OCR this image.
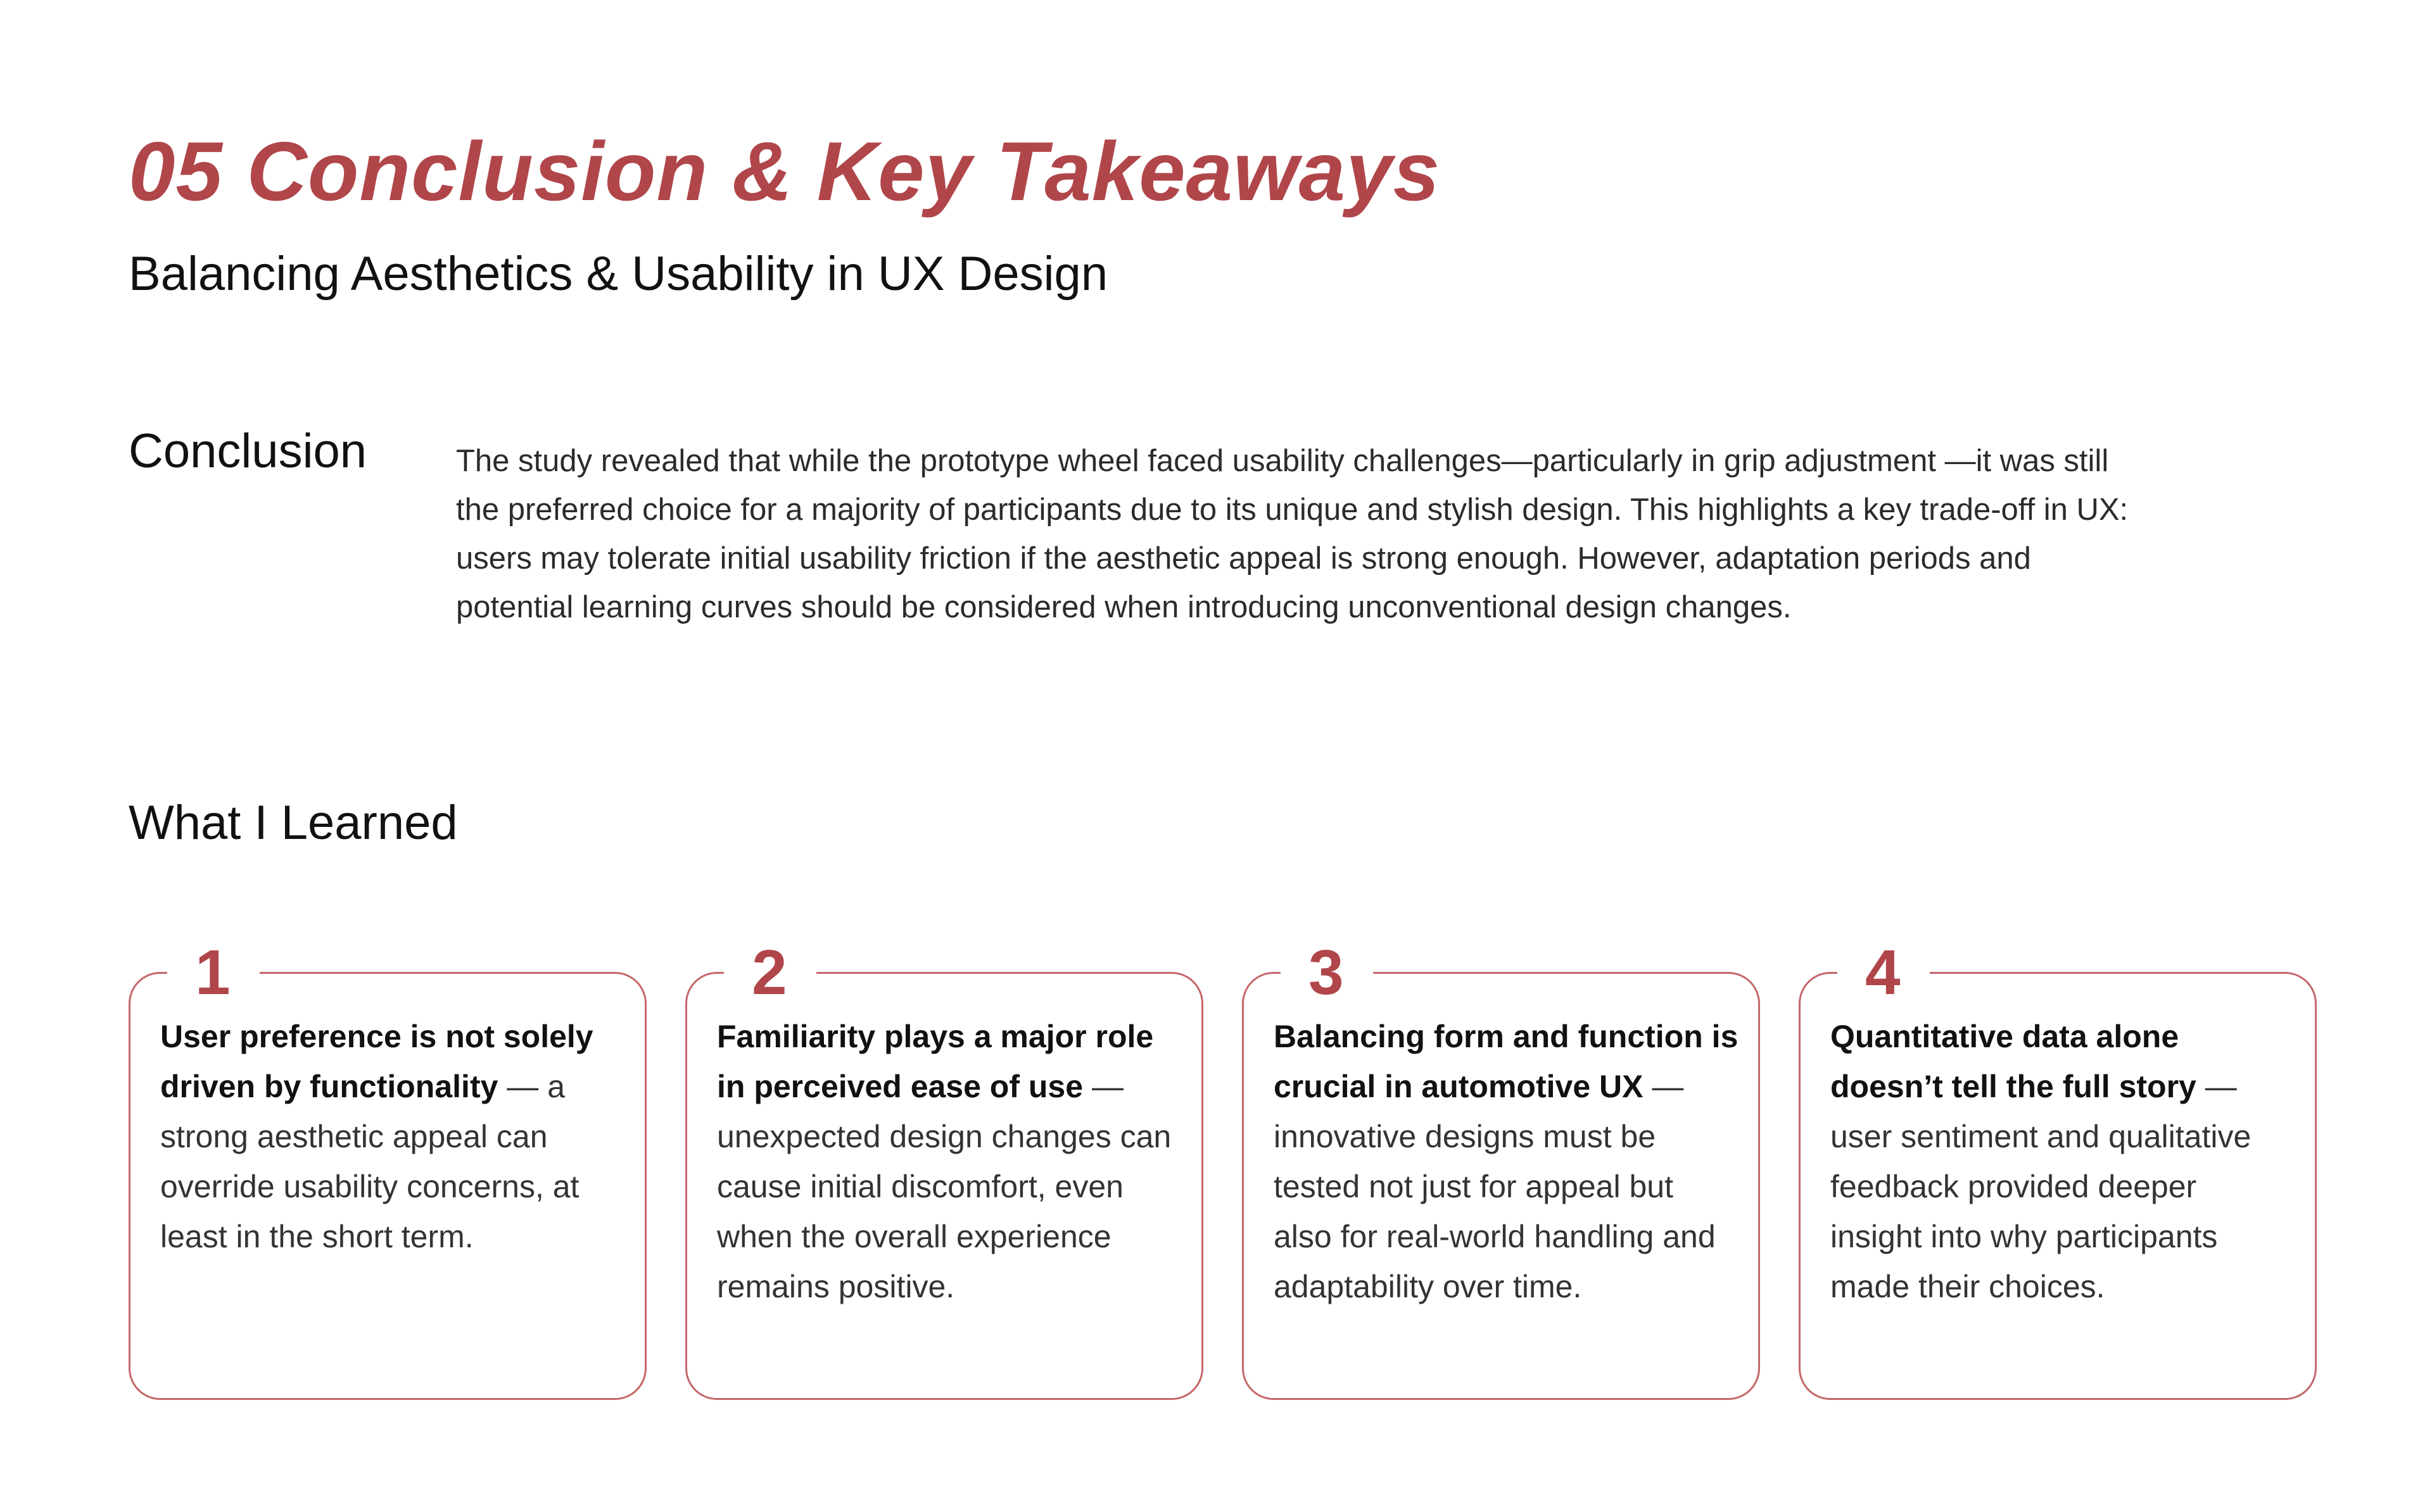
05 Conclusion & Key Takeaways
Balancing Aesthetics & Usability in UX Design
Conclusion	The study revealed that while the prototype wheel faced usability challenges—particularly in grip adjustment —it was still the preferred choice for a majority of participants due to its unique and stylish design. This highlights a key trade-off in UX: users may tolerate initial usability friction if the aesthetic appeal is strong enough. However, adaptation periods and potential learning curves should be considered when introducing unconventional design changes.

What I Learned
1

User preference is not solely driven by functionality — a strong aesthetic appeal can override usability concerns, at least in the short term.

2

Familiarity plays a major role in perceived ease of use — unexpected design changes can cause initial discomfort, even when the overall experience remains positive.

3

Balancing form and function is crucial in automotive UX — innovative designs must be tested not just for appeal but also for real-world handling and adaptability over time.

4

Quantitative data alone doesn’t tell the full story — user sentiment and qualitative feedback provided deeper insight into why participants made their choices.
